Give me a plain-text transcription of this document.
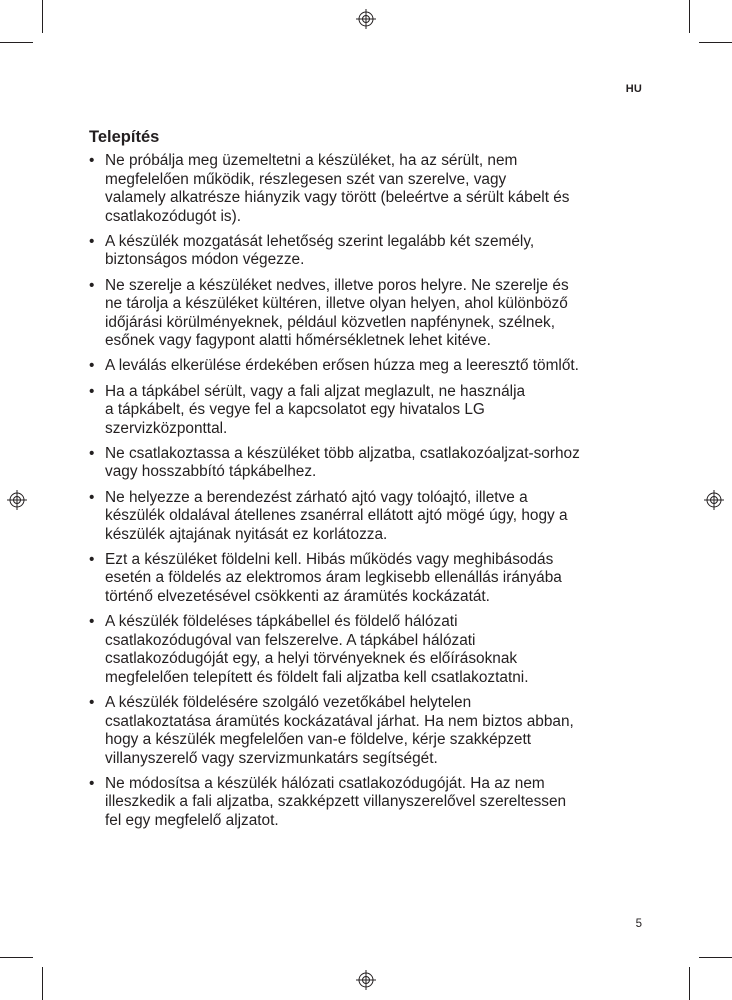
HU
Telepítés
• Ne próbálja meg üzemeltetni a készüléket, ha az sérült, nem
megfelelően működik, részlegesen szét van szerelve, vagy
valamely alkatrésze hiányzik vagy törött (beleértve a sérült kábelt és
csatlakozódugót is).
• A készülék mozgatását lehetőség szerint legalább két személy,
biztonságos módon végezze.
• Ne szerelje a készüléket nedves, illetve poros helyre. Ne szerelje és
ne tárolja a készüléket kültéren, illetve olyan helyen, ahol különböző
időjárási körülményeknek, például közvetlen napfénynek, szélnek,
esőnek vagy fagypont alatti hőmérsékletnek lehet kitéve.
• A leválás elkerülése érdekében erősen húzza meg a leeresztő tömlőt.
• Ha a tápkábel sérült, vagy a fali aljzat meglazult, ne használja
a tápkábelt, és vegye fel a kapcsolatot egy hivatalos LG
szervizközponttal.
• Ne csatlakoztassa a készüléket több aljzatba, csatlakozóaljzat-sorhoz
vagy hosszabbító tápkábelhez.
• Ne helyezze a berendezést zárható ajtó vagy tolóajtó, illetve a
készülék oldalával átellenes zsanérral ellátott ajtó mögé úgy, hogy a
készülék ajtajának nyitását ez korlátozza.
• Ezt a készüléket földelni kell. Hibás működés vagy meghibásodás
esetén a földelés az elektromos áram legkisebb ellenállás irányába
történő elvezetésével csökkenti az áramütés kockázatát.
• A készülék földeléses tápkábellel és földelő hálózati
csatlakozódugóval van felszerelve. A tápkábel hálózati
csatlakozódugóját egy, a helyi törvényeknek és előírásoknak
megfelelően telepített és földelt fali aljzatba kell csatlakoztatni.
• A készülék földelésére szolgáló vezetőkábel helytelen
csatlakoztatása áramütés kockázatával járhat. Ha nem biztos abban,
hogy a készülék megfelelően van-e földelve, kérje szakképzett
villanyszerelő vagy szervizmunkatárs segítségét.
• Ne módosítsa a készülék hálózati csatlakozódugóját. Ha az nem
illeszkedik a fali aljzatba, szakképzett villanyszerelővel szereltessen
fel egy megfelelő aljzatot.
5
